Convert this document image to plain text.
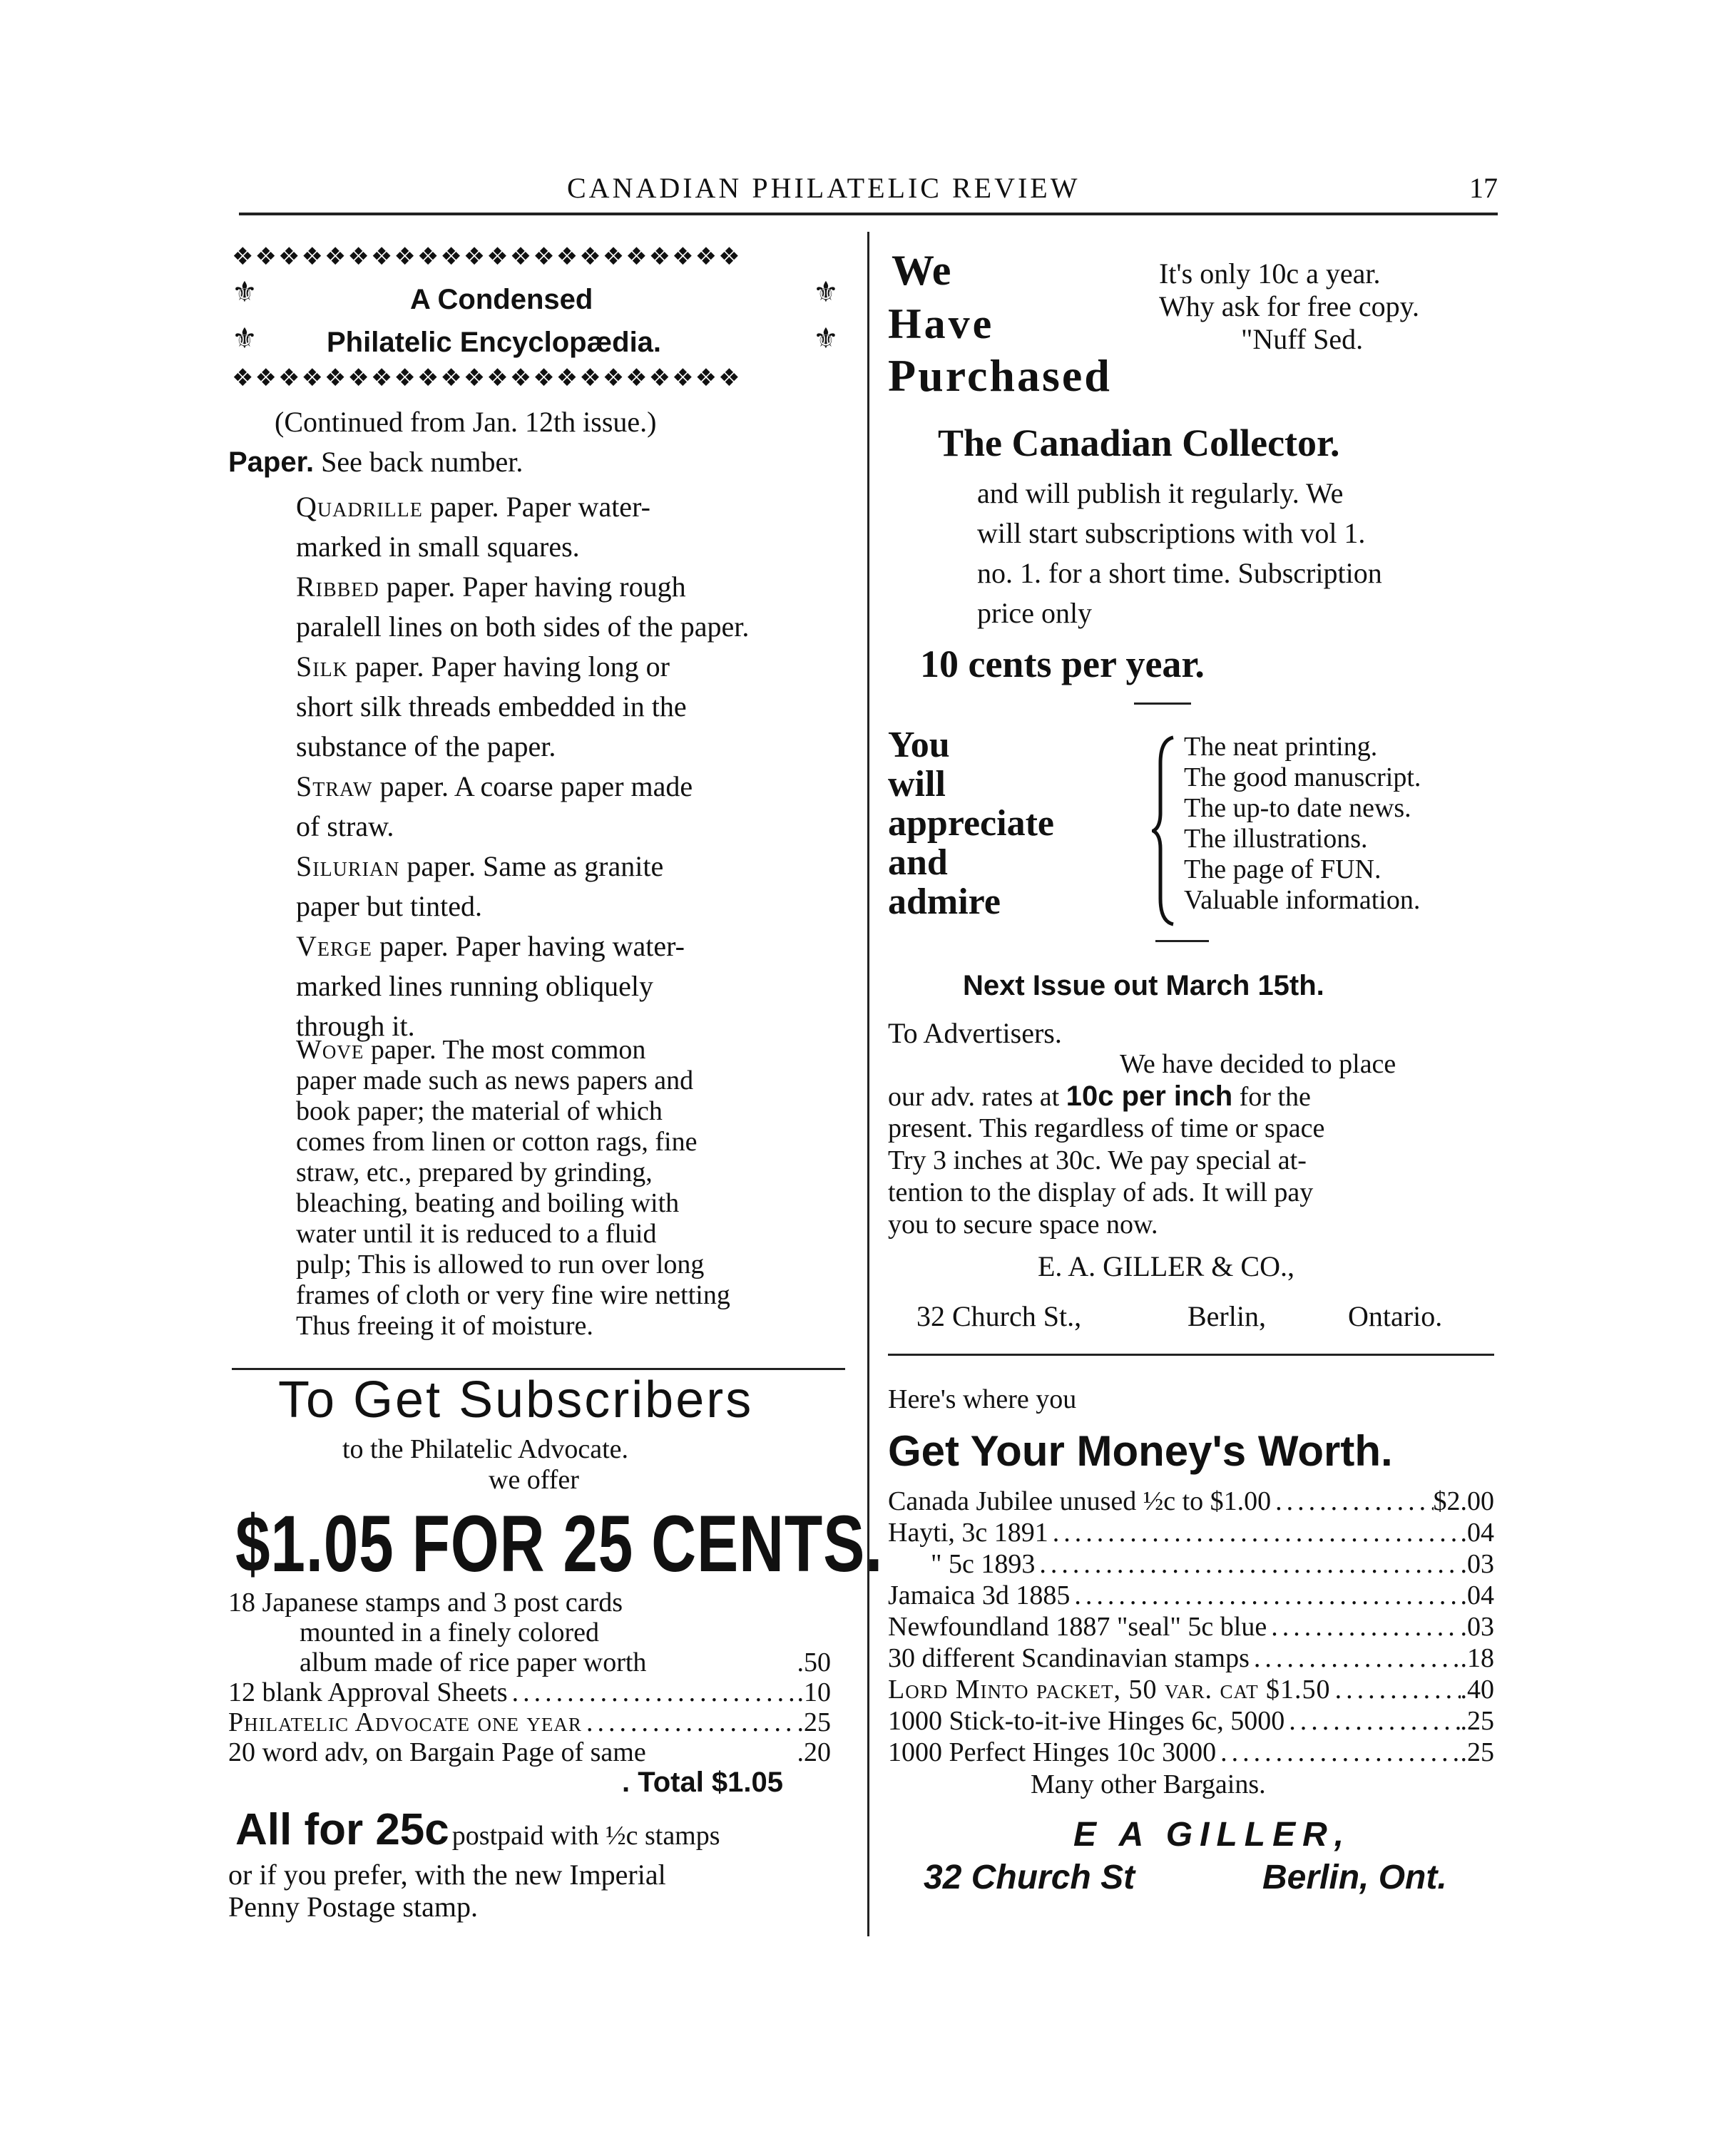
CANADIAN PHILATELIC REVIEW	17
❖❖❖❖❖❖❖❖❖❖❖❖❖❖❖❖❖❖❖❖❖❖
⚜
⚜
⚜
⚜
A Condensed
Philatelic Encyclopædia.
❖❖❖❖❖❖❖❖❖❖❖❖❖❖❖❖❖❖❖❖❖❖
(Continued from Jan. 12th issue.)
Paper. See back number.
Quadrille paper. Paper water-
marked in small squares.
Ribbed paper. Paper having rough
paralell lines on both sides of the paper.
Silk paper. Paper having long or
short silk threads embedded in the
substance of the paper.
Straw paper. A coarse paper made
of straw.
Silurian paper. Same as granite
paper but tinted.
Verge paper. Paper having water-
marked lines running obliquely
through it.
Wove paper. The most common
paper made such as news papers and
book paper; the material of which
comes from linen or cotton rags, fine
straw, etc., prepared by grinding,
bleaching, beating and boiling with
water until it is reduced to a fluid
pulp; This is allowed to run over long
frames of cloth or very fine wire netting
Thus freeing it of moisture.
To Get Subscribers
to the Philatelic Advocate.
we offer
$1.05 FOR 25 CENTS.
18 Japanese stamps and 3 post cards
mounted in a finely colored
album made of rice paper worth	.50
12 blank Approval Sheets .....	.10
Philatelic Advocate one year .....	.25
20 word adv, on Bargain Page of same	.20
. Total $1.05
All for 25c postpaid with ½c stamps
or if you prefer, with the new Imperial
Penny Postage stamp.
We
Have
Purchased
It's only 10c a year.
Why ask for free copy.
"Nuff Sed.
The Canadian Collector.
and will publish it regularly. We
will start subscriptions with vol 1.
no. 1. for a short time. Subscription
price only
10 cents per year.
You
will
appreciate
and
admire
The neat printing.
The good manuscript.
The up-to date news.
The illustrations.
The page of FUN.
Valuable information.
Next Issue out March 15th.
To Advertisers.
We have decided to place
our adv. rates at 10c per inch for the
present. This regardless of time or space
Try 3 inches at 30c. We pay special at-
tention to the display of ads. It will pay
you to secure space now.
E. A. GILLER & CO.,
32 Church St.,	Berlin,	Ontario.
Here's where you
Get Your Money's Worth.
Canada Jubilee unused ½c to $1.00 .....	$2.00
Hayti, 3c 1891 .....	.04
" 5c 1893 .....	.03
Jamaica 3d 1885 .....	.04
Newfoundland 1887 "seal" 5c blue .....	.03
30 different Scandinavian stamps .....	.18
Lord Minto packet, 50 var. cat $1.50 .....	.40
1000 Stick-to-it-ive Hinges 6c, 5000 .....	.25
1000 Perfect Hinges 10c 3000 .....	.25
Many other Bargains.
E A GILLER,
32 Church St	Berlin, Ont.
